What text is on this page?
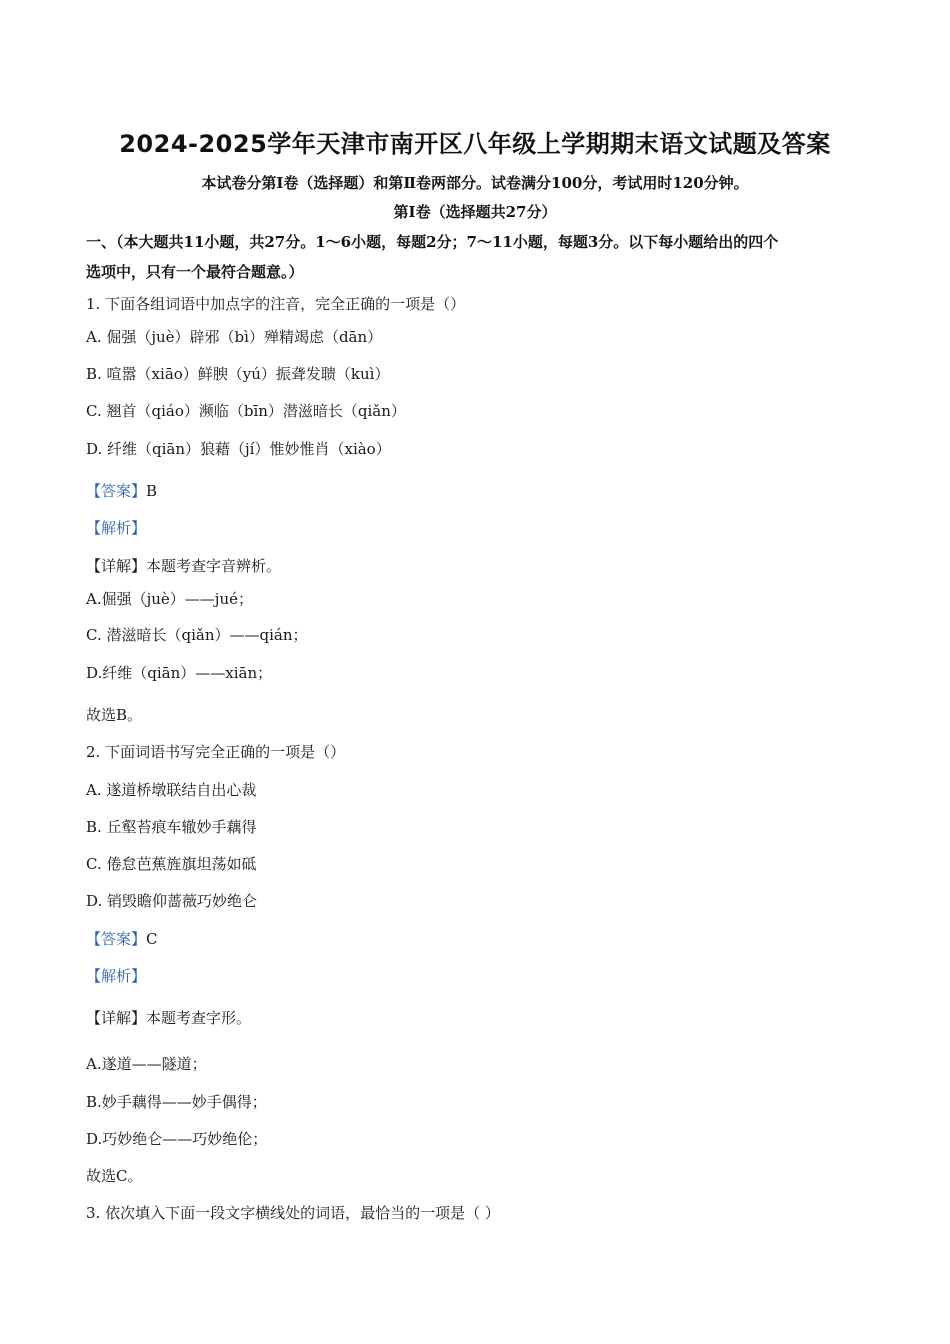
2024-2025学年天津市南开区八年级上学期期末语文试题及答案
本试卷分第Ⅰ卷（选择题）和第Ⅱ卷两部分。试卷满分100分，考试用时120分钟。
第Ⅰ卷（选择题共27分）
一、（本大题共11小题，共27分。1～6小题，每题2分；7～11小题，每题3分。以下每小题给出的四个
选项中，只有一个最符合题意。）
1. 下面各组词语中加点字的注音，完全正确的一项是（）
A. 倔强（juè）辟邪（bì）殚精竭虑（dān）
B. 喧嚣（xiāo）鲜腴（yú）振聋发聩（kuì）
C. 翘首（qiáo）濒临（bīn）潜滋暗长（qiǎn）
D. 纤维（qiān）狼藉（jí）惟妙惟肖（xiào）
【答案】B
【解析】
【详解】本题考查字音辨析。
A.倔强（juè）——jué；
C. 潜滋暗长（qiǎn）——qián；
D.纤维（qiān）——xiān；
故选B。
2. 下面词语书写完全正确的一项是（）
A. 遂道桥墩联结自出心裁
B. 丘壑苔痕车辙妙手藕得
C. 倦怠芭蕉旌旗坦荡如砥
D. 销毁瞻仰蔷薇巧妙绝仑
【答案】C
【解析】
【详解】本题考查字形。
A.遂道——隧道；
B.妙手藕得——妙手偶得；
D.巧妙绝仑——巧妙绝伦；
故选C。
3. 依次填入下面一段文字横线处的词语，最恰当的一项是（ ）
